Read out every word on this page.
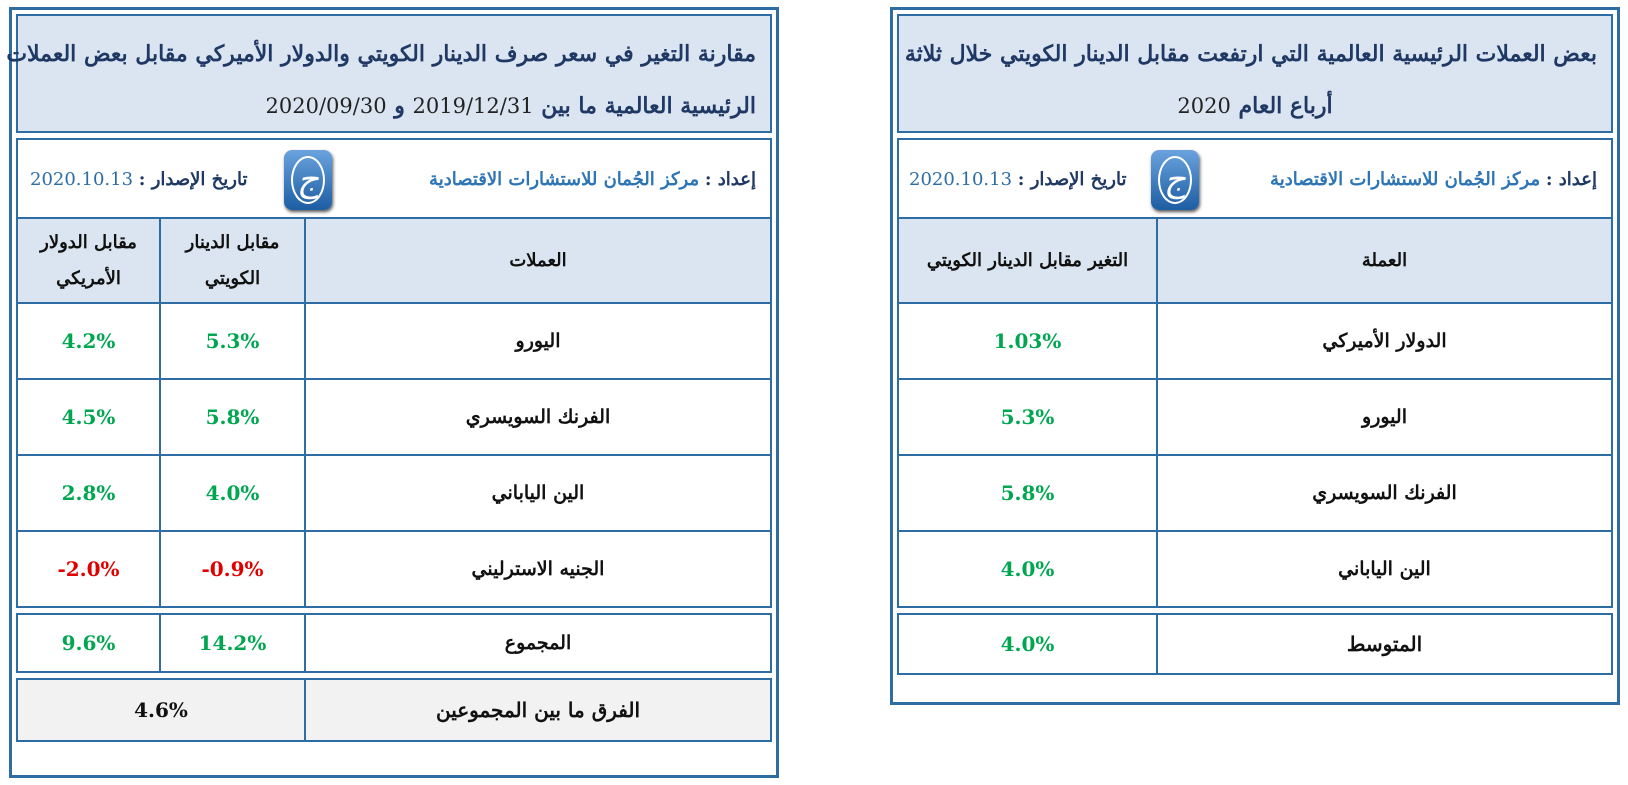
مقارنة التغير في سعر صرف الدينار الكويتي والدولار الأميركي مقابل بعض العملات
الرئيسية العالمية ما بين 2019/12/31 و 2020/09/30
إعداد : مركز الجُمان للاستشارات الاقتصادية
ج
تاريخ الإصدار : 2020.10.13
العملات
مقابل الدينار الكويتي
مقابل الدولار الأمريكي
اليورو
5.3%
4.2%
الفرنك السويسري
5.8%
4.5%
الين الياباني
4.0%
2.8%
الجنيه الاسترليني
-0.9%
-2.0%
المجموع
14.2%
9.6%
الفرق ما بين المجموعين
4.6%
بعض العملات الرئيسية العالمية التي ارتفعت مقابل الدينار الكويتي خلال ثلاثة
أرباع العام 2020
إعداد : مركز الجُمان للاستشارات الاقتصادية
ج
تاريخ الإصدار : 2020.10.13
العملة
التغير مقابل الدينار الكويتي
الدولار الأميركي
1.03%
اليورو
5.3%
الفرنك السويسري
5.8%
الين الياباني
4.0%
المتوسط
4.0%
